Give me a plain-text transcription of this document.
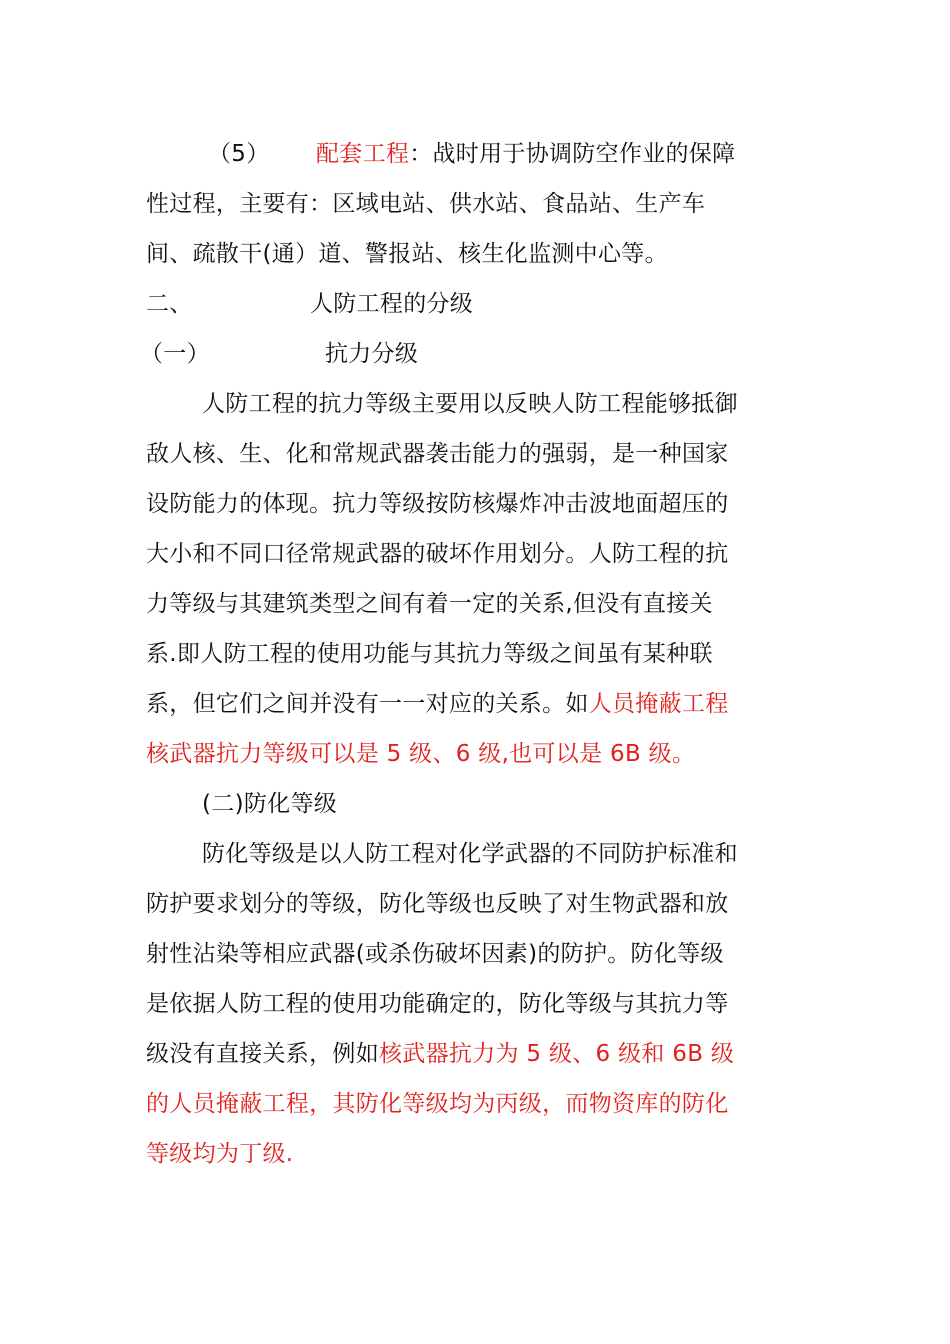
（5） 配套工程：战时用于协调防空作业的保障
性过程，主要有：区域电站、供水站、食品站、生产车
间、疏散干(通）道、警报站、核生化监测中心等。
二、	人防工程的分级
（一）	抗力分级
人防工程的抗力等级主要用以反映人防工程能够抵御
敌人核、生、化和常规武器袭击能力的强弱，是一种国家
设防能力的体现。抗力等级按防核爆炸冲击波地面超压的
大小和不同口径常规武器的破坏作用划分。人防工程的抗
力等级与其建筑类型之间有着一定的关系,但没有直接关
系.即人防工程的使用功能与其抗力等级之间虽有某种联
系，但它们之间并没有一一对应的关系。如人员掩蔽工程
核武器抗力等级可以是 5 级、6 级,也可以是 6B 级。
(二)防化等级
防化等级是以人防工程对化学武器的不同防护标准和
防护要求划分的等级，防化等级也反映了对生物武器和放
射性沾染等相应武器(或杀伤破坏因素)的防护。防化等级
是依据人防工程的使用功能确定的，防化等级与其抗力等
级没有直接关系，例如核武器抗力为 5 级、6 级和 6B 级
的人员掩蔽工程，其防化等级均为丙级，而物资库的防化
等级均为丁级.
